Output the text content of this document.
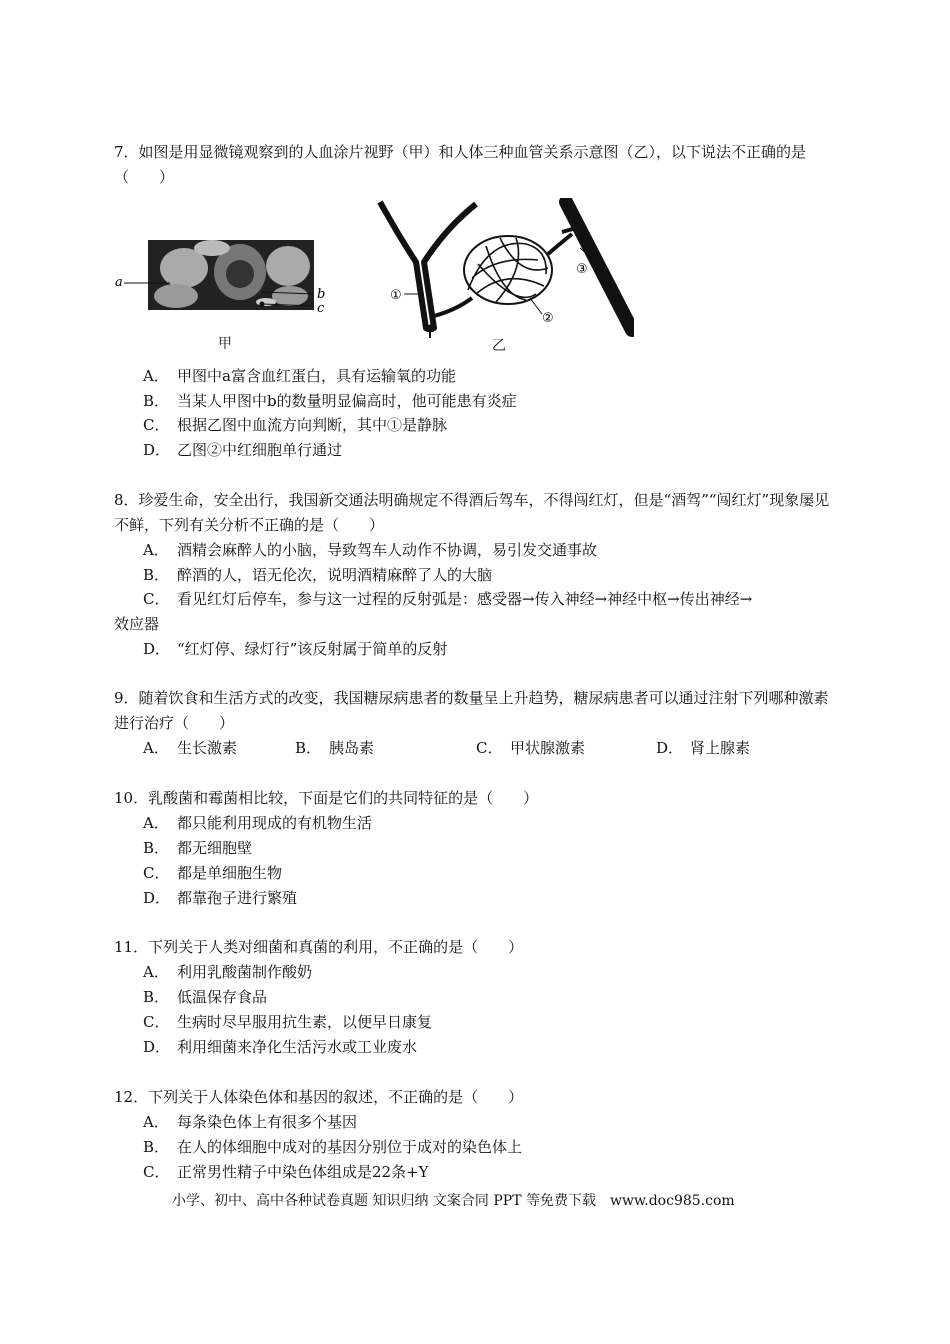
7．如图是用显微镜观察到的人血涂片视野（甲）和人体三种血管关系示意图（乙），以下说法不正确的是（　　）
a
b
c
甲
①
②
③
乙
A． 甲图中a富含血红蛋白，具有运输氧的功能
B． 当某人甲图中b的数量明显偏高时，他可能患有炎症
C． 根据乙图中血流方向判断，其中①是静脉
D． 乙图②中红细胞单行通过
8．珍爱生命，安全出行，我国新交通法明确规定不得酒后驾车，不得闯红灯，但是“酒驾”“闯红灯”现象屡见不鲜，下列有关分析不正确的是（　　）
A． 酒精会麻醉人的小脑，导致驾车人动作不协调，易引发交通事故
B． 醉酒的人，语无伦次，说明酒精麻醉了人的大脑
C． 看见红灯后停车，参与这一过程的反射弧是：感受器→传入神经→神经中枢→传出神经→
效应器
D． “红灯停、绿灯行”该反射属于简单的反射
9．随着饮食和生活方式的改变，我国糖尿病患者的数量呈上升趋势，糖尿病患者可以通过注射下列哪种激素进行治疗（　　）
A． 生长激素	B． 胰岛素	C． 甲状腺激素	D． 肾上腺素
10．乳酸菌和霉菌相比较，下面是它们的共同特征的是（　　）
A． 都只能利用现成的有机物生活
B． 都无细胞壁
C． 都是单细胞生物
D． 都靠孢子进行繁殖
11．下列关于人类对细菌和真菌的利用，不正确的是（　　）
A． 利用乳酸菌制作酸奶
B． 低温保存食品
C． 生病时尽早服用抗生素，以便早日康复
D． 利用细菌来净化生活污水或工业废水
12．下列关于人体染色体和基因的叙述，不正确的是（　　）
A． 每条染色体上有很多个基因
B． 在人的体细胞中成对的基因分别位于成对的染色体上
C． 正常男性精子中染色体组成是22条+Y
小学、初中、高中各种试卷真题 知识归纳 文案合同 PPT 等免费下载　www.doc985.com
